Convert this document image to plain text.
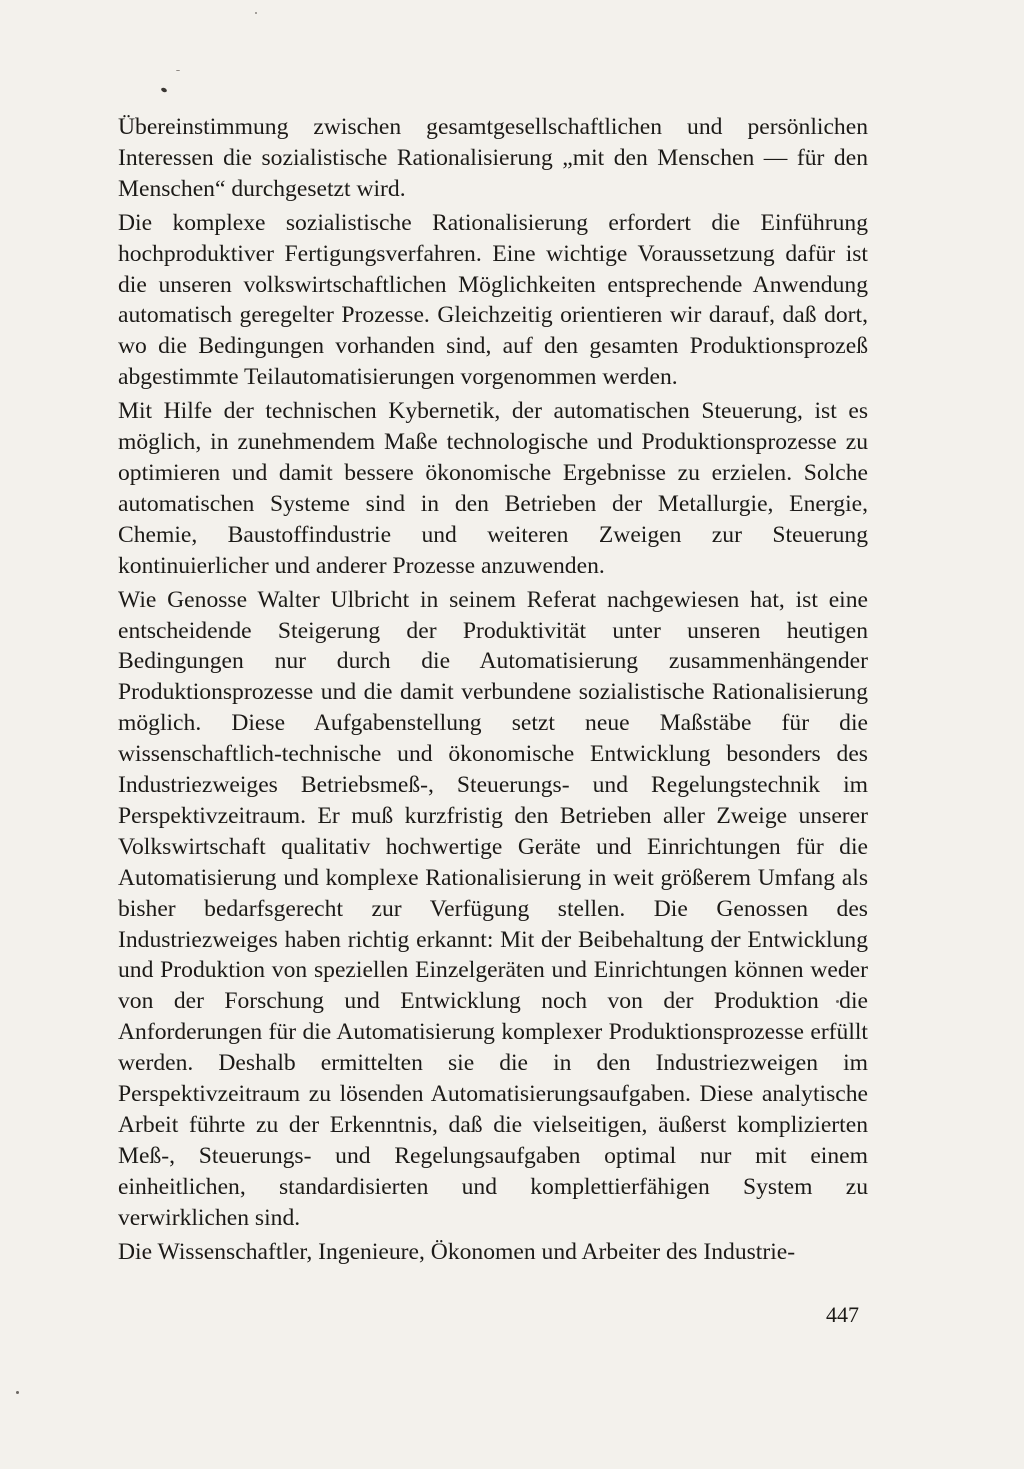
Übereinstimmung zwischen gesamtgesellschaftlichen und persönlichen Interessen die sozialistische Rationalisierung „mit den Menschen — für den Menschen“ durchgesetzt wird.

Die komplexe sozialistische Rationalisierung erfordert die Einführung hochproduktiver Fertigungsverfahren. Eine wichtige Voraussetzung dafür ist die unseren volkswirtschaftlichen Möglichkeiten entsprechende Anwendung automatisch geregelter Prozesse. Gleichzeitig orientieren wir darauf, daß dort, wo die Bedingungen vorhanden sind, auf den gesamten Produktionsprozeß abgestimmte Teilautomatisierungen vorgenommen werden.

Mit Hilfe der technischen Kybernetik, der automatischen Steuerung, ist es möglich, in zunehmendem Maße technologische und Produktionsprozesse zu optimieren und damit bessere ökonomische Ergebnisse zu erzielen. Solche automatischen Systeme sind in den Betrieben der Metallurgie, Energie, Chemie, Baustoffindustrie und weiteren Zweigen zur Steuerung kontinuierlicher und anderer Prozesse anzuwenden.

Wie Genosse Walter Ulbricht in seinem Referat nachgewiesen hat, ist eine entscheidende Steigerung der Produktivität unter unseren heutigen Bedingungen nur durch die Automatisierung zusammenhängender Produktionsprozesse und die damit verbundene sozialistische Rationalisierung möglich. Diese Aufgabenstellung setzt neue Maßstäbe für die wissenschaftlich-technische und ökonomische Entwicklung besonders des Industriezweiges Betriebsmeß-, Steuerungs- und Regelungstechnik im Perspektivzeitraum. Er muß kurzfristig den Betrieben aller Zweige unserer Volkswirtschaft qualitativ hochwertige Geräte und Einrichtungen für die Automatisierung und komplexe Rationalisierung in weit größerem Umfang als bisher bedarfsgerecht zur Verfügung stellen. Die Genossen des Industriezweiges haben richtig erkannt: Mit der Beibehaltung der Entwicklung und Produktion von speziellen Einzelgeräten und Einrichtungen können weder von der Forschung und Entwicklung noch von der Produktion die Anforderungen für die Automatisierung komplexer Produktionsprozesse erfüllt werden. Deshalb ermittelten sie die in den Industriezweigen im Perspektivzeitraum zu lösenden Automatisierungsaufgaben. Diese analytische Arbeit führte zu der Erkenntnis, daß die vielseitigen, äußerst komplizierten Meß-, Steuerungs- und Regelungsaufgaben optimal nur mit einem einheitlichen, standardisierten und komplettierfähigen System zu verwirklichen sind.

Die Wissenschaftler, Ingenieure, Ökonomen und Arbeiter des Industrie-

447
